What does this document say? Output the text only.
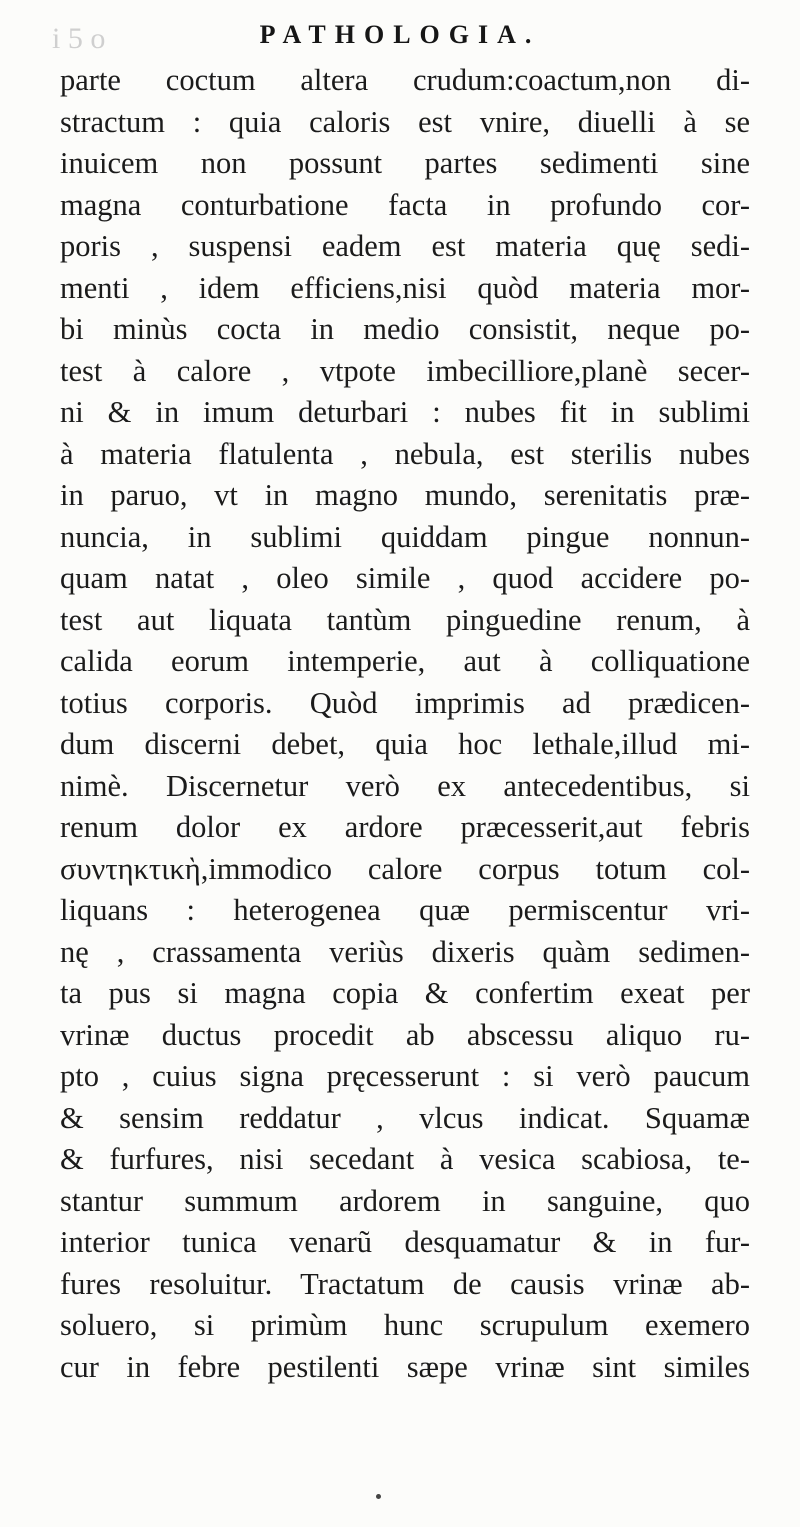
i 5 o	PATHOLOGIA.
parte coctum altera crudum:coactum,non di-
stractum : quia caloris est vnire, diuelli à se
inuicem non possunt partes sedimenti sine
magna conturbatione facta in profundo cor-
poris , suspensi eadem est materia quę sedi-
menti , idem efficiens,nisi quòd materia mor-
bi minùs cocta in medio consistit, neque po-
test à calore , vtpote imbecilliore,planè secer-
ni & in imum deturbari : nubes fit in sublimi
à materia flatulenta , nebula, est sterilis nubes
in paruo, vt in magno mundo, serenitatis præ-
nuncia, in sublimi quiddam pingue nonnun-
quam natat , oleo simile , quod accidere po-
test aut liquata tantùm pinguedine renum, à
calida eorum intemperie, aut à colliquatione
totius corporis. Quòd imprimis ad prædicen-
dum discerni debet, quia hoc lethale,illud mi-
nimè. Discernetur verò ex antecedentibus, si
renum dolor ex ardore præcesserit,aut febris
συντηκτικὴ,immodico calore corpus totum col-
liquans : heterogenea quæ permiscentur vri-
nę , crassamenta veriùs dixeris quàm sedimen-
ta pus si magna copia & confertim exeat per
vrinæ ductus procedit ab abscessu aliquo ru-
pto , cuius signa pręcesserunt : si verò paucum
& sensim reddatur , vlcus indicat. Squamæ
& furfures, nisi secedant à vesica scabiosa, te-
stantur summum ardorem in sanguine, quo
interior tunica venarũ desquamatur & in fur-
fures resoluitur. Tractatum de causis vrinæ ab-
soluero, si primùm hunc scrupulum exemero
cur in febre pestilenti sæpe vrinæ sint similes
